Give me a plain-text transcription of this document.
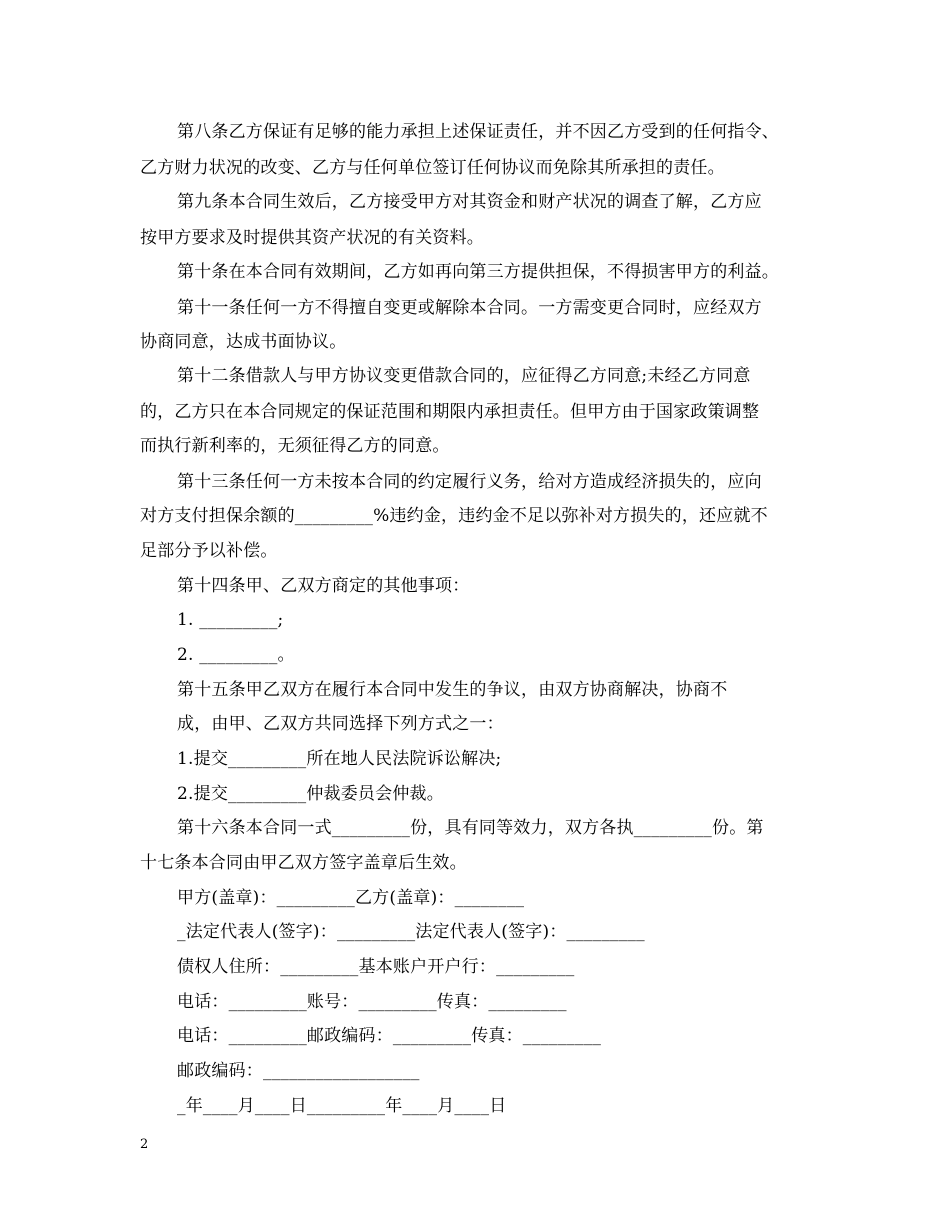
第八条乙方保证有足够的能力承担上述保证责任，并不因乙方受到的任何指令、
乙方财力状况的改变、乙方与任何单位签订任何协议而免除其所承担的责任。
第九条本合同生效后，乙方接受甲方对其资金和财产状况的调查了解，乙方应
按甲方要求及时提供其资产状况的有关资料。
第十条在本合同有效期间，乙方如再向第三方提供担保，不得损害甲方的利益。
第十一条任何一方不得擅自变更或解除本合同。一方需变更合同时，应经双方
协商同意，达成书面协议。
第十二条借款人与甲方协议变更借款合同的，应征得乙方同意;未经乙方同意
的，乙方只在本合同规定的保证范围和期限内承担责任。但甲方由于国家政策调整
而执行新利率的，无须征得乙方的同意。
第十三条任何一方未按本合同的约定履行义务，给对方造成经济损失的，应向
对方支付担保余额的_________%违约金，违约金不足以弥补对方损失的，还应就不
足部分予以补偿。
第十四条甲、乙双方商定的其他事项：
1. _________;
2. _________。
第十五条甲乙双方在履行本合同中发生的争议，由双方协商解决，协商不
成，由甲、乙双方共同选择下列方式之一：
1.提交_________所在地人民法院诉讼解决;
2.提交_________仲裁委员会仲裁。
第十六条本合同一式_________份，具有同等效力，双方各执_________份。第
十七条本合同由甲乙双方签字盖章后生效。
甲方(盖章)：_________乙方(盖章)：________
_法定代表人(签字)：_________法定代表人(签字)：_________
债权人住所：_________基本账户开户行：_________
电话：_________账号：_________传真：_________
电话：_________邮政编码：_________传真：_________
邮政编码：__________________
_年____月____日_________年____月____日
2
